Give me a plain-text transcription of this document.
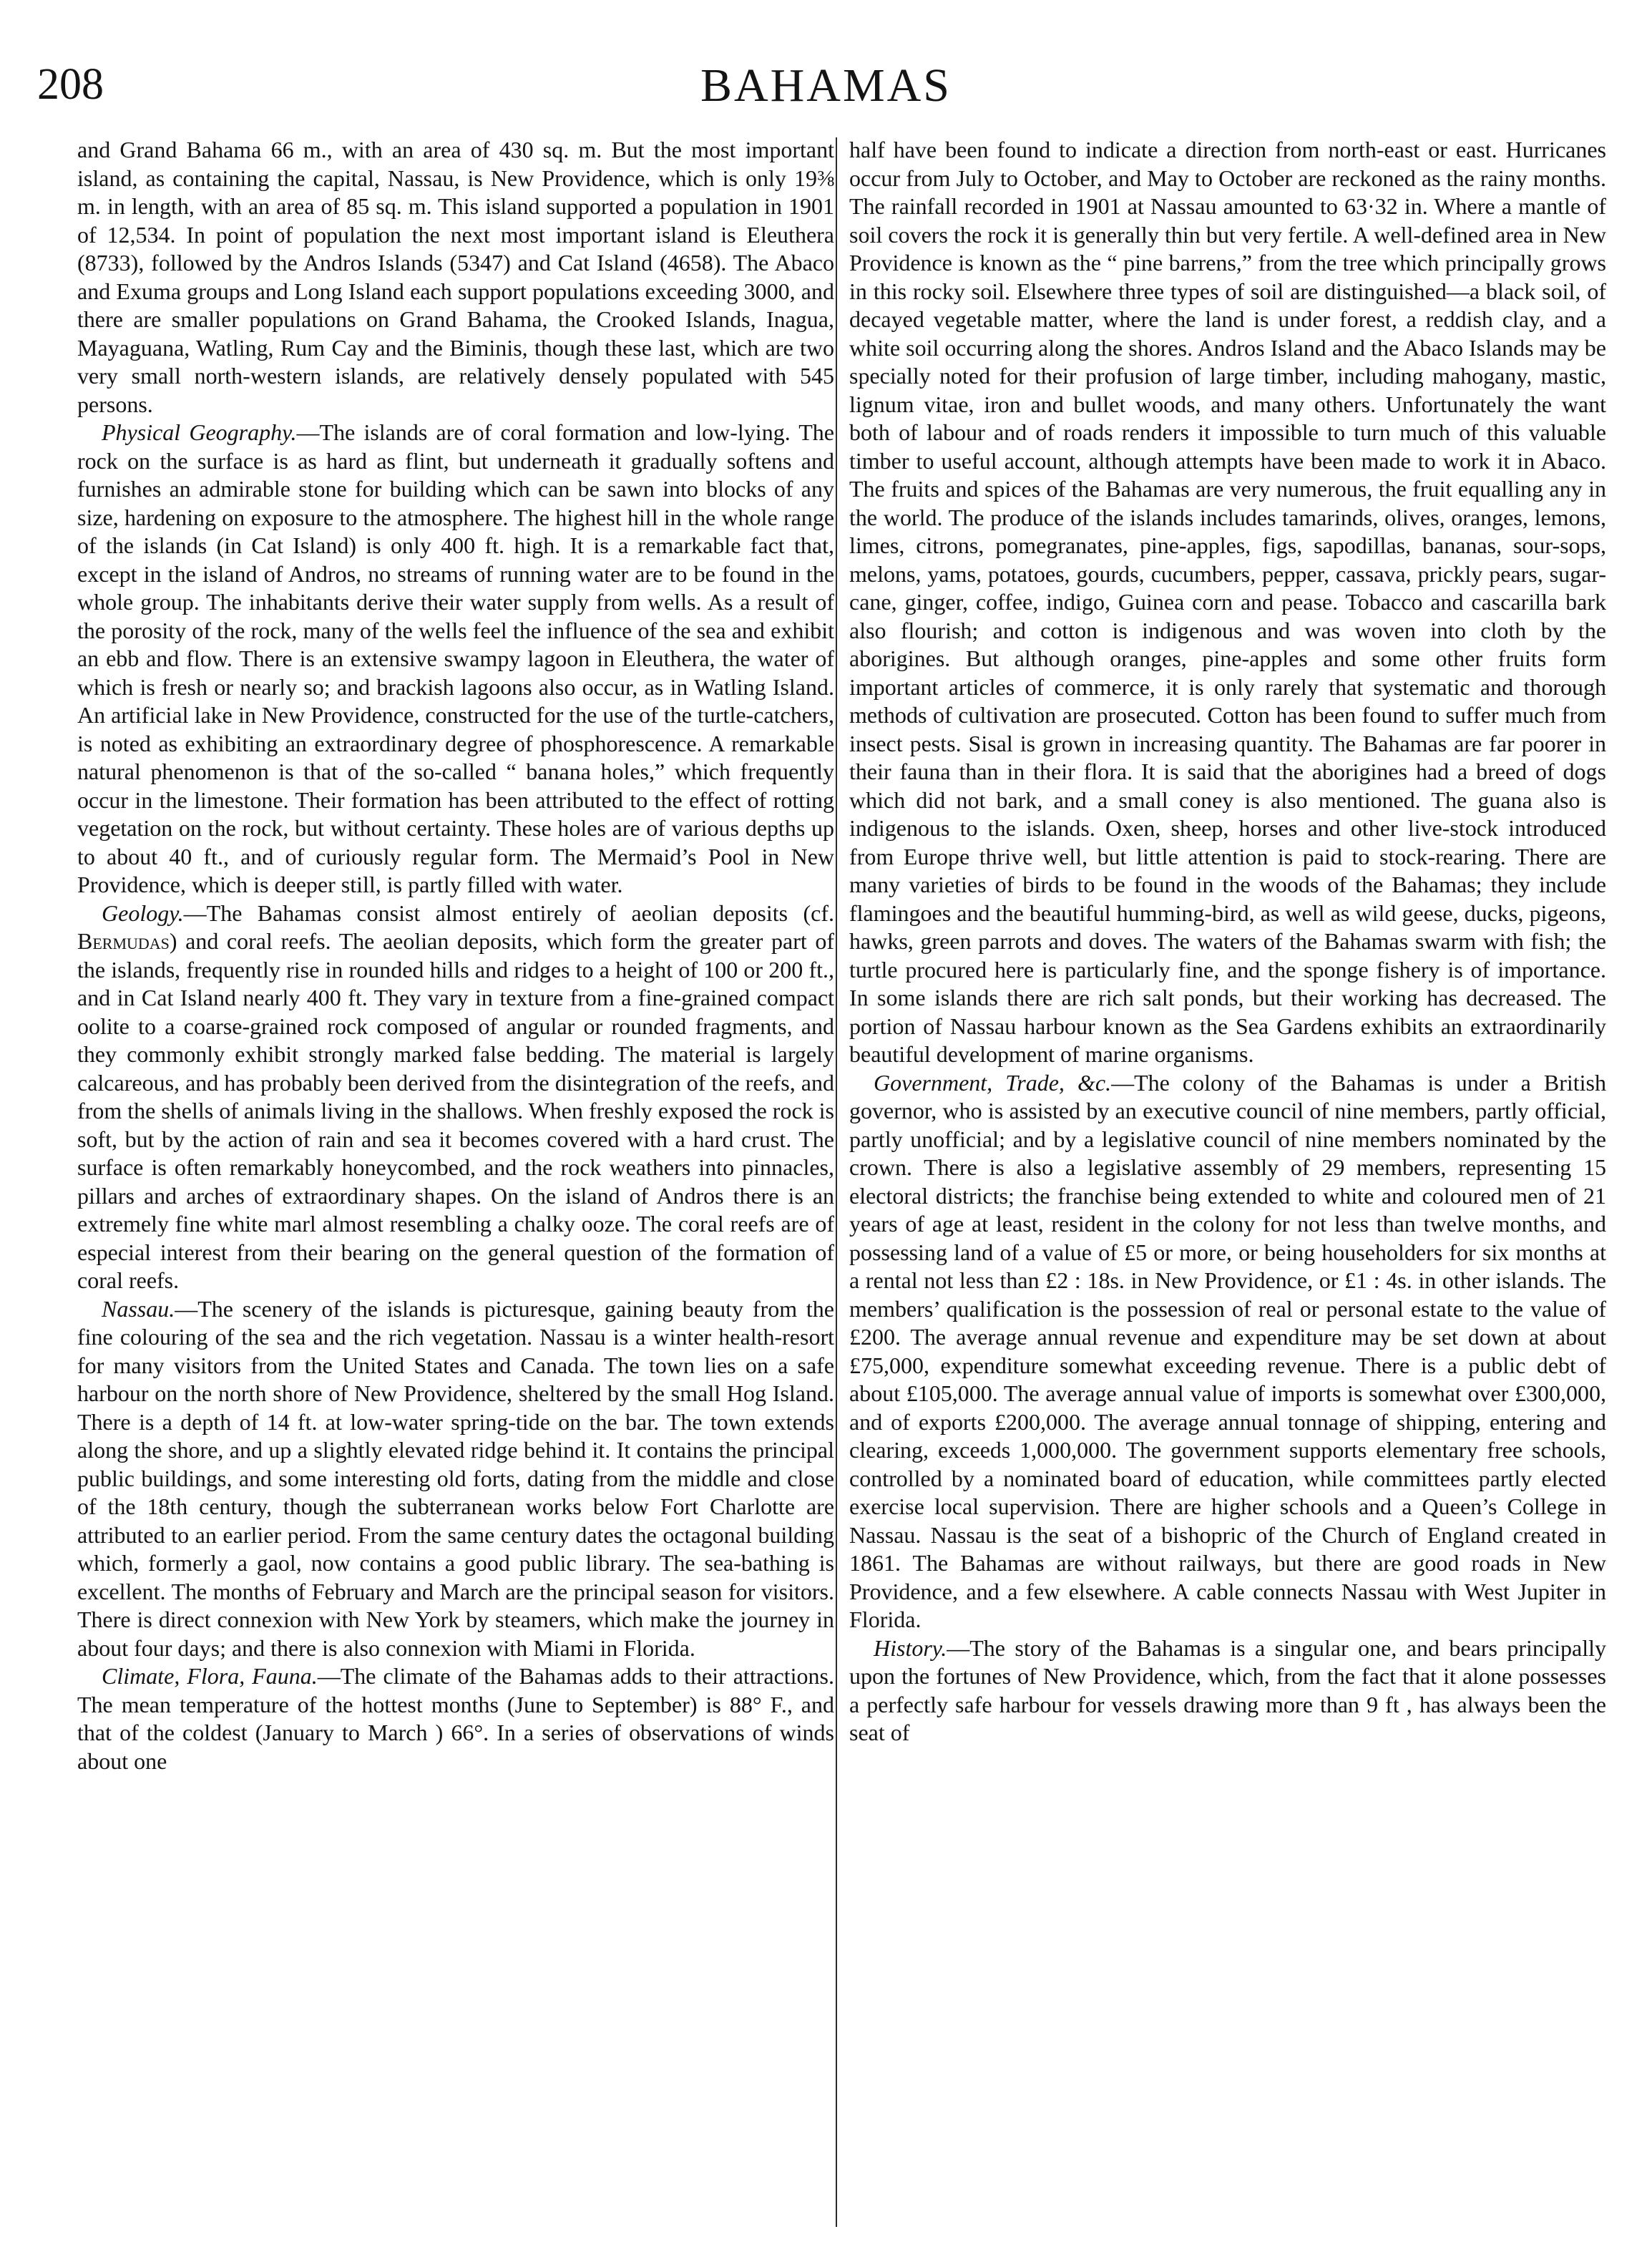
208	BAHAMAS

and Grand Bahama 66 m., with an area of 430 sq. m. But the most important island, as containing the capital, Nassau, is New Providence, which is only 19⅜ m. in length, with an area of 85 sq. m. This island supported a population in 1901 of 12,534. In point of population the next most important island is Eleuthera (8733), followed by the Andros Islands (5347) and Cat Island (4658). The Abaco and Exuma groups and Long Island each support populations exceeding 3000, and there are smaller populations on Grand Bahama, the Crooked Islands, Inagua, Mayaguana, Watling, Rum Cay and the Biminis, though these last, which are two very small north-western islands, are relatively densely populated with 545 persons.

Physical Geography.—The islands are of coral formation and low-lying. The rock on the surface is as hard as flint, but underneath it gradually softens and furnishes an admirable stone for building which can be sawn into blocks of any size, hardening on exposure to the atmosphere. The highest hill in the whole range of the islands (in Cat Island) is only 400 ft. high. It is a remarkable fact that, except in the island of Andros, no streams of running water are to be found in the whole group. The inhabitants derive their water supply from wells. As a result of the porosity of the rock, many of the wells feel the influence of the sea and exhibit an ebb and flow. There is an extensive swampy lagoon in Eleuthera, the water of which is fresh or nearly so; and brackish lagoons also occur, as in Watling Island. An artificial lake in New Providence, constructed for the use of the turtle-catchers, is noted as exhibiting an extraordinary degree of phosphorescence. A remarkable natural phenomenon is that of the so-called “ banana holes,” which frequently occur in the limestone. Their formation has been attributed to the effect of rotting vegetation on the rock, but without certainty. These holes are of various depths up to about 40 ft., and of curiously regular form. The Mermaid’s Pool in New Providence, which is deeper still, is partly filled with water.

Geology.—The Bahamas consist almost entirely of aeolian deposits (cf. Bermudas) and coral reefs. The aeolian deposits, which form the greater part of the islands, frequently rise in rounded hills and ridges to a height of 100 or 200 ft., and in Cat Island nearly 400 ft. They vary in texture from a fine-grained compact oolite to a coarse-grained rock composed of angular or rounded fragments, and they commonly exhibit strongly marked false bedding. The material is largely calcareous, and has probably been derived from the disintegration of the reefs, and from the shells of animals living in the shallows. When freshly exposed the rock is soft, but by the action of rain and sea it becomes covered with a hard crust. The surface is often remarkably honeycombed, and the rock weathers into pinnacles, pillars and arches of extraordinary shapes. On the island of Andros there is an extremely fine white marl almost resembling a chalky ooze. The coral reefs are of especial interest from their bearing on the general question of the formation of coral reefs.

Nassau.—The scenery of the islands is picturesque, gaining beauty from the fine colouring of the sea and the rich vegetation. Nassau is a winter health-resort for many visitors from the United States and Canada. The town lies on a safe harbour on the north shore of New Providence, sheltered by the small Hog Island. There is a depth of 14 ft. at low-water spring-tide on the bar. The town extends along the shore, and up a slightly elevated ridge behind it. It contains the principal public buildings, and some interesting old forts, dating from the middle and close of the 18th century, though the subterranean works below Fort Charlotte are attributed to an earlier period. From the same century dates the octagonal building which, formerly a gaol, now contains a good public library. The sea-bathing is excellent. The months of February and March are the principal season for visitors. There is direct connexion with New York by steamers, which make the journey in about four days; and there is also connexion with Miami in Florida.

Climate, Flora, Fauna.—The climate of the Bahamas adds to their attractions. The mean temperature of the hottest months (June to September) is 88° F., and that of the coldest (January to March ) 66°. In a series of observations of winds about one

half have been found to indicate a direction from north-east or east. Hurricanes occur from July to October, and May to October are reckoned as the rainy months. The rainfall recorded in 1901 at Nassau amounted to 63·32 in. Where a mantle of soil covers the rock it is generally thin but very fertile. A well-defined area in New Providence is known as the “ pine barrens,” from the tree which principally grows in this rocky soil. Elsewhere three types of soil are distinguished—a black soil, of decayed vegetable matter, where the land is under forest, a reddish clay, and a white soil occurring along the shores. Andros Island and the Abaco Islands may be specially noted for their profusion of large timber, including mahogany, mastic, lignum vitae, iron and bullet woods, and many others. Unfortunately the want both of labour and of roads renders it impossible to turn much of this valuable timber to useful account, although attempts have been made to work it in Abaco. The fruits and spices of the Bahamas are very numerous, the fruit equalling any in the world. The produce of the islands includes tamarinds, olives, oranges, lemons, limes, citrons, pomegranates, pine-apples, figs, sapodillas, bananas, sour-sops, melons, yams, potatoes, gourds, cucumbers, pepper, cassava, prickly pears, sugar-cane, ginger, coffee, indigo, Guinea corn and pease. Tobacco and cascarilla bark also flourish; and cotton is indigenous and was woven into cloth by the aborigines. But although oranges, pine-apples and some other fruits form important articles of commerce, it is only rarely that systematic and thorough methods of cultivation are prosecuted. Cotton has been found to suffer much from insect pests. Sisal is grown in increasing quantity. The Bahamas are far poorer in their fauna than in their flora. It is said that the aborigines had a breed of dogs which did not bark, and a small coney is also mentioned. The guana also is indigenous to the islands. Oxen, sheep, horses and other live-stock introduced from Europe thrive well, but little attention is paid to stock-rearing. There are many varieties of birds to be found in the woods of the Bahamas; they include flamingoes and the beautiful humming-bird, as well as wild geese, ducks, pigeons, hawks, green parrots and doves. The waters of the Bahamas swarm with fish; the turtle procured here is particularly fine, and the sponge fishery is of importance. In some islands there are rich salt ponds, but their working has decreased. The portion of Nassau harbour known as the Sea Gardens exhibits an extraordinarily beautiful development of marine organisms.

Government, Trade, &c.—The colony of the Bahamas is under a British governor, who is assisted by an executive council of nine members, partly official, partly unofficial; and by a legislative council of nine members nominated by the crown. There is also a legislative assembly of 29 members, representing 15 electoral districts; the franchise being extended to white and coloured men of 21 years of age at least, resident in the colony for not less than twelve months, and possessing land of a value of £5 or more, or being householders for six months at a rental not less than £2 : 18s. in New Providence, or £1 : 4s. in other islands. The members’ qualification is the possession of real or personal estate to the value of £200. The average annual revenue and expenditure may be set down at about £75,000, expenditure somewhat exceeding revenue. There is a public debt of about £105,000. The average annual value of imports is somewhat over £300,000, and of exports £200,000. The average annual tonnage of shipping, entering and clearing, exceeds 1,000,000. The government supports elementary free schools, controlled by a nominated board of education, while committees partly elected exercise local supervision. There are higher schools and a Queen’s College in Nassau. Nassau is the seat of a bishopric of the Church of England created in 1861. The Bahamas are without railways, but there are good roads in New Providence, and a few elsewhere. A cable connects Nassau with West Jupiter in Florida.

History.—The story of the Bahamas is a singular one, and bears principally upon the fortunes of New Providence, which, from the fact that it alone possesses a perfectly safe harbour for vessels drawing more than 9 ft , has always been the seat of
